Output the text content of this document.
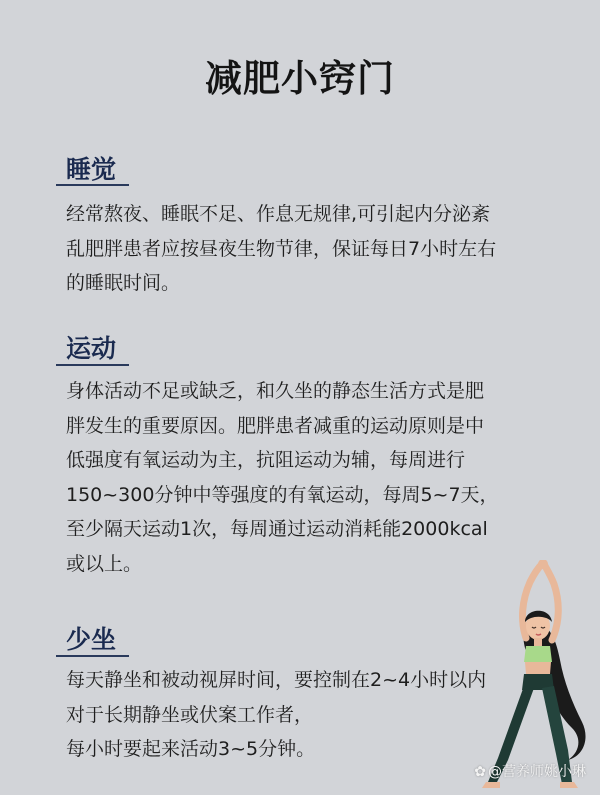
减肥小窍门
睡觉
经常熬夜、睡眠不足、作息无规律,可引起内分泌紊
乱肥胖患者应按昼夜生物节律，保证每日7小时左右
的睡眠时间。
运动
身体活动不足或缺乏，和久坐的静态生活方式是肥
胖发生的重要原因。肥胖患者减重的运动原则是中
低强度有氧运动为主，抗阻运动为辅，每周进行
150~300分钟中等强度的有氧运动，每周5~7天，
至少隔天运动1次，每周通过运动消耗能2000kcal
或以上。
少坐
每天静坐和被动视屏时间，要控制在2~4小时以内
对于长期静坐或伏案工作者，
每小时要起来活动3~5分钟。
✿ @营养师姚小琳
